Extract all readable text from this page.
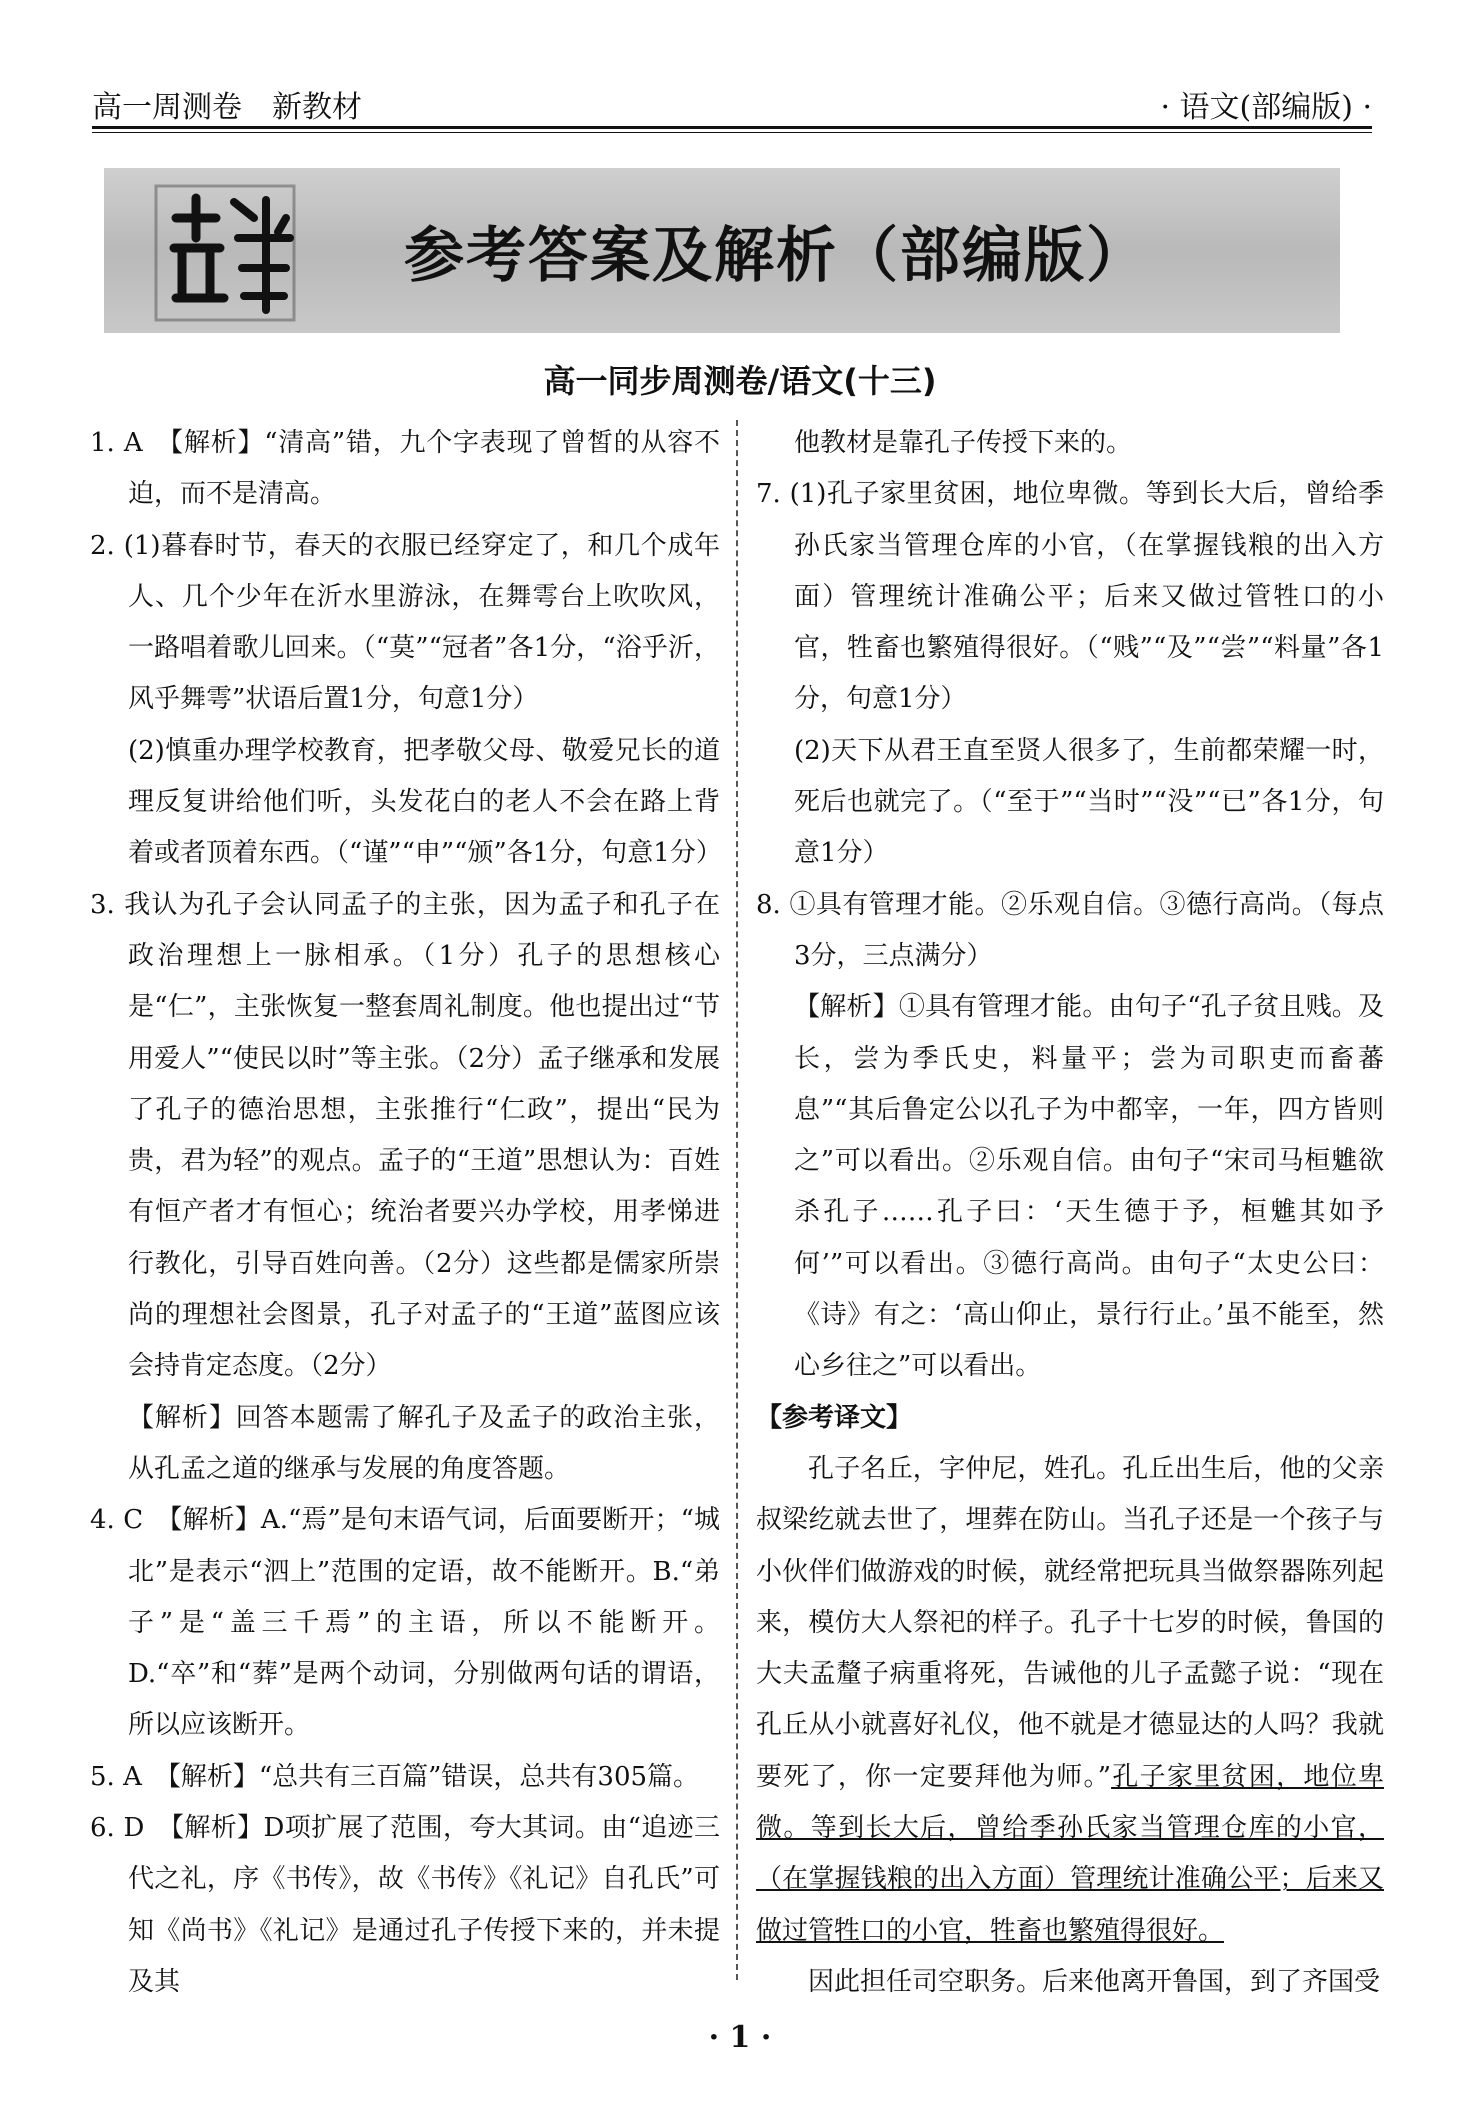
高一周测卷　新教材	· 语文(部编版) ·
参考答案及解析（部编版）
高一同步周测卷/语文(十三)

1. A　【解析】“清高”错，九个字表现了曾皙的从容不迫，而不是清高。

2. (1)暮春时节，春天的衣服已经穿定了，和几个成年人、几个少年在沂水里游泳，在舞雩台上吹吹风，一路唱着歌儿回来。（“莫”“冠者”各1分，“浴乎沂，风乎舞雩”状语后置1分，句意1分）

(2)慎重办理学校教育，把孝敬父母、敬爱兄长的道理反复讲给他们听，头发花白的老人不会在路上背着或者顶着东西。（“谨”“申”“颁”各1分，句意1分）

3. 我认为孔子会认同孟子的主张，因为孟子和孔子在政治理想上一脉相承。（1分）孔子的思想核心是“仁”，主张恢复一整套周礼制度。他也提出过“节用爱人”“使民以时”等主张。（2分）孟子继承和发展了孔子的德治思想，主张推行“仁政”，提出“民为贵，君为轻”的观点。孟子的“王道”思想认为：百姓有恒产者才有恒心；统治者要兴办学校，用孝悌进行教化，引导百姓向善。（2分）这些都是儒家所崇尚的理想社会图景，孔子对孟子的“王道”蓝图应该会持肯定态度。（2分）

【解析】回答本题需了解孔子及孟子的政治主张，从孔孟之道的继承与发展的角度答题。

4. C　【解析】A.“焉”是句末语气词，后面要断开；“城北”是表示“泗上”范围的定语，故不能断开。B.“弟子”是“盖三千焉”的主语，所以不能断开。D.“卒”和“葬”是两个动词，分别做两句话的谓语，所以应该断开。

5. A　【解析】“总共有三百篇”错误，总共有305篇。

6. D　【解析】D项扩展了范围，夸大其词。由“追迹三代之礼，序《书传》，故《书传》《礼记》自孔氏”可知《尚书》《礼记》是通过孔子传授下来的，并未提及其

他教材是靠孔子传授下来的。

7. (1)孔子家里贫困，地位卑微。等到长大后，曾给季孙氏家当管理仓库的小官，（在掌握钱粮的出入方面）管理统计准确公平；后来又做过管牲口的小官，牲畜也繁殖得很好。（“贱”“及”“尝”“料量”各1分，句意1分）

(2)天下从君王直至贤人很多了，生前都荣耀一时，死后也就完了。（“至于”“当时”“没”“已”各1分，句意1分）

8. ①具有管理才能。②乐观自信。③德行高尚。（每点3分，三点满分）

【解析】①具有管理才能。由句子“孔子贫且贱。及长，尝为季氏史，料量平；尝为司职吏而畜蕃息”“其后鲁定公以孔子为中都宰，一年，四方皆则之”可以看出。②乐观自信。由句子“宋司马桓魋欲杀孔子……孔子曰：‘天生德于予，桓魋其如予何’”可以看出。③德行高尚。由句子“太史公曰：《诗》有之：‘高山仰止，景行行止。’虽不能至，然心乡往之”可以看出。

【参考译文】

孔子名丘，字仲尼，姓孔。孔丘出生后，他的父亲叔梁纥就去世了，埋葬在防山。当孔子还是一个孩子与小伙伴们做游戏的时候，就经常把玩具当做祭器陈列起来，模仿大人祭祀的样子。孔子十七岁的时候，鲁国的大夫孟釐子病重将死，告诫他的儿子孟懿子说：“现在孔丘从小就喜好礼仪，他不就是才德显达的人吗？我就要死了，你一定要拜他为师。”孔子家里贫困，地位卑微。等到长大后，曾给季孙氏家当管理仓库的小官，（在掌握钱粮的出入方面）管理统计准确公平；后来又做过管牲口的小官，牲畜也繁殖得很好。

因此担任司空职务。后来他离开鲁国，到了齐国受

· 1 ·
